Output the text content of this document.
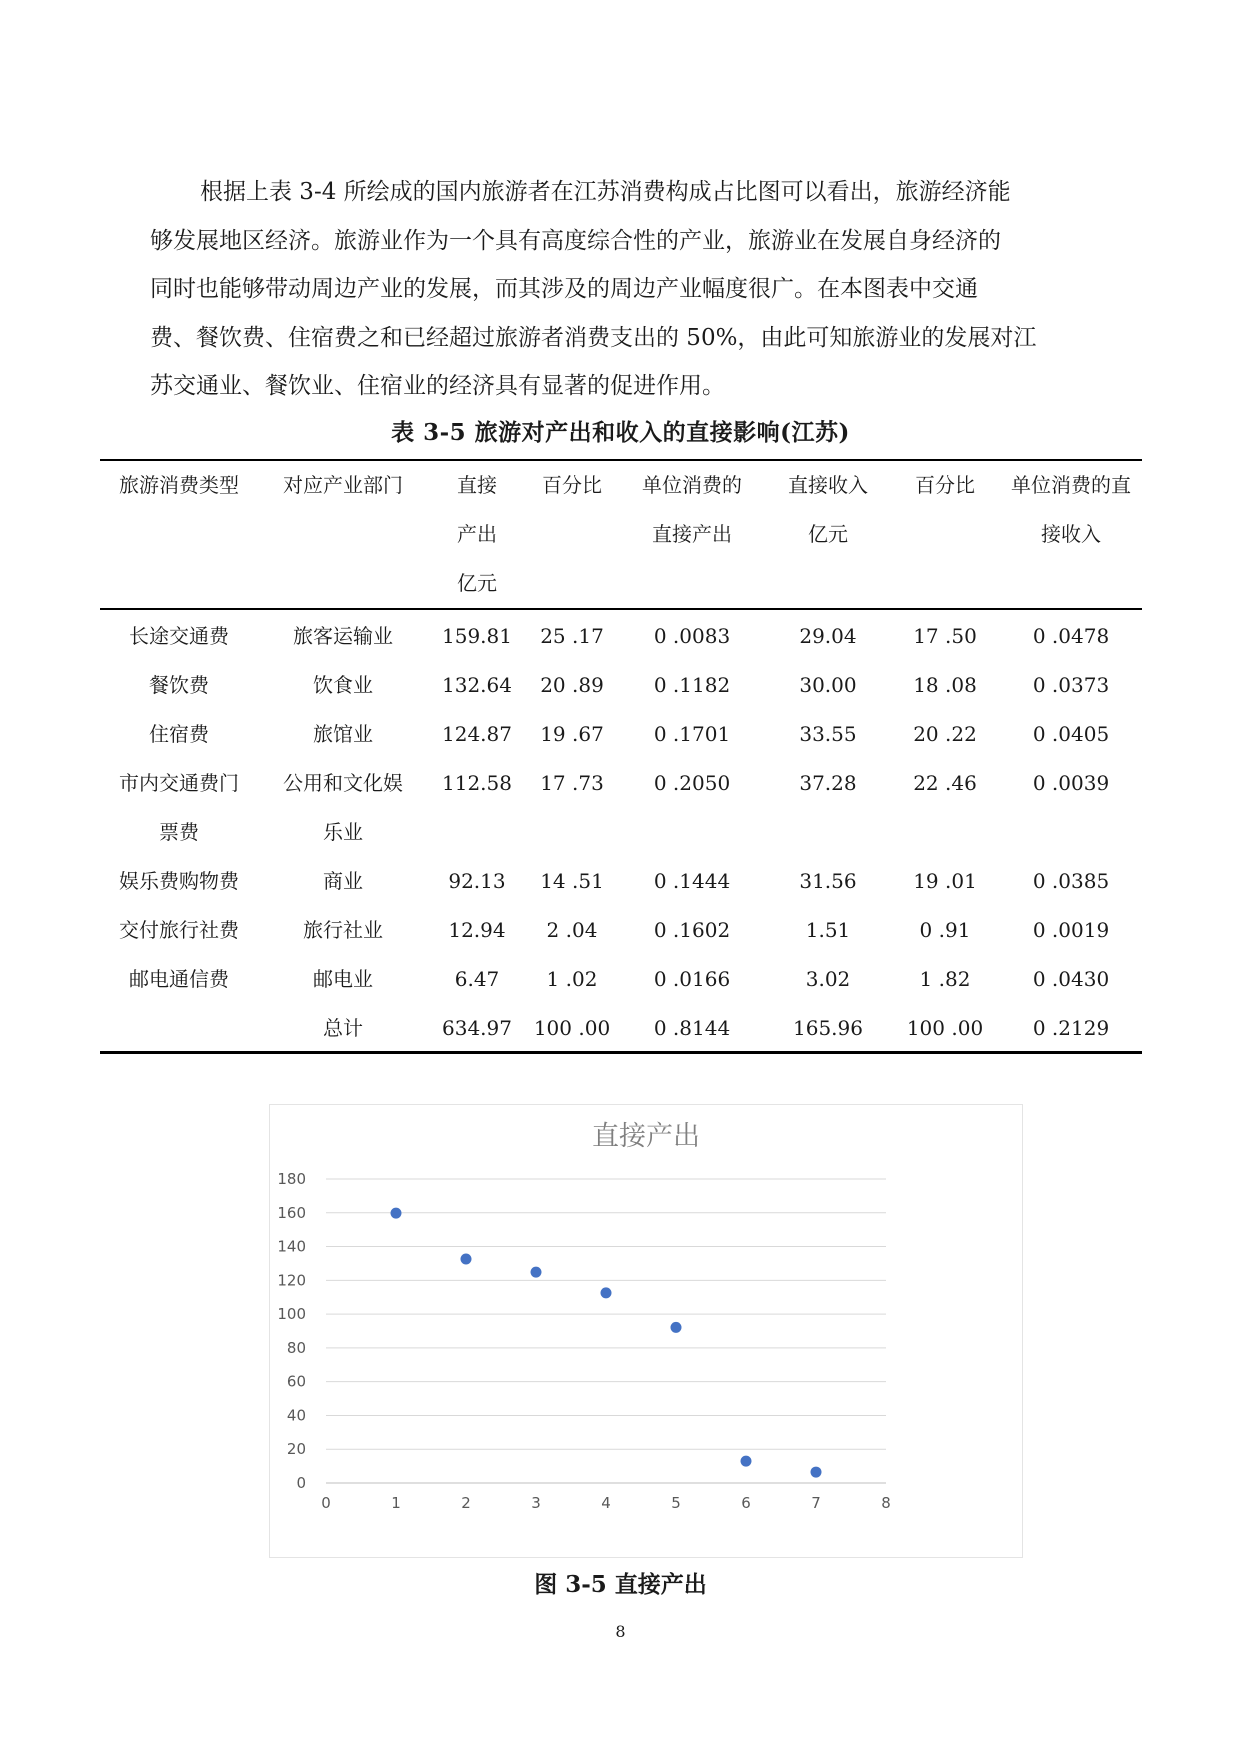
根据上表 3-4 所绘成的国内旅游者在江苏消费构成占比图可以看出，旅游经济能
够发展地区经济。旅游业作为一个具有高度综合性的产业，旅游业在发展自身经济的
同时也能够带动周边产业的发展，而其涉及的周边产业幅度很广。在本图表中交通
费、餐饮费、住宿费之和已经超过旅游者消费支出的 50%，由此可知旅游业的发展对江
苏交通业、餐饮业、住宿业的经济具有显著的促进作用。

表 3-5 旅游对产出和收入的直接影响(江苏)
旅游消费类型	对应产业部门	直接	百分比	单位消费的	直接收入	百分比	单位消费的直
		产出		直接产出	亿元		接收入
		亿元					

长途交通费	旅客运输业	159.81	25 .17	0 .0083	29.04	17 .50	0 .0478
餐饮费	饮食业	132.64	20 .89	0 .1182	30.00	18 .08	0 .0373
住宿费	旅馆业	124.87	19 .67	0 .1701	33.55	20 .22	0 .0405
市内交通费门	公用和文化娱	112.58	17 .73	0 .2050	37.28	22 .46	0 .0039
票费	乐业						
娱乐费购物费	商业	92.13	14 .51	0 .1444	31.56	19 .01	0 .0385
交付旅行社费	旅行社业	12.94	2 .04	0 .1602	1.51	0 .91	0 .0019
邮电通信费	邮电业	6.47	1 .02	0 .0166	3.02	1 .82	0 .0430
	总计	634.97	100 .00	0 .8144	165.96	100 .00	0 .2129
直接产出
0
20
40
60
80
100
120
140
160
180
0	1	2	3	4	5	6	7	8
图 3-5 直接产出
8
